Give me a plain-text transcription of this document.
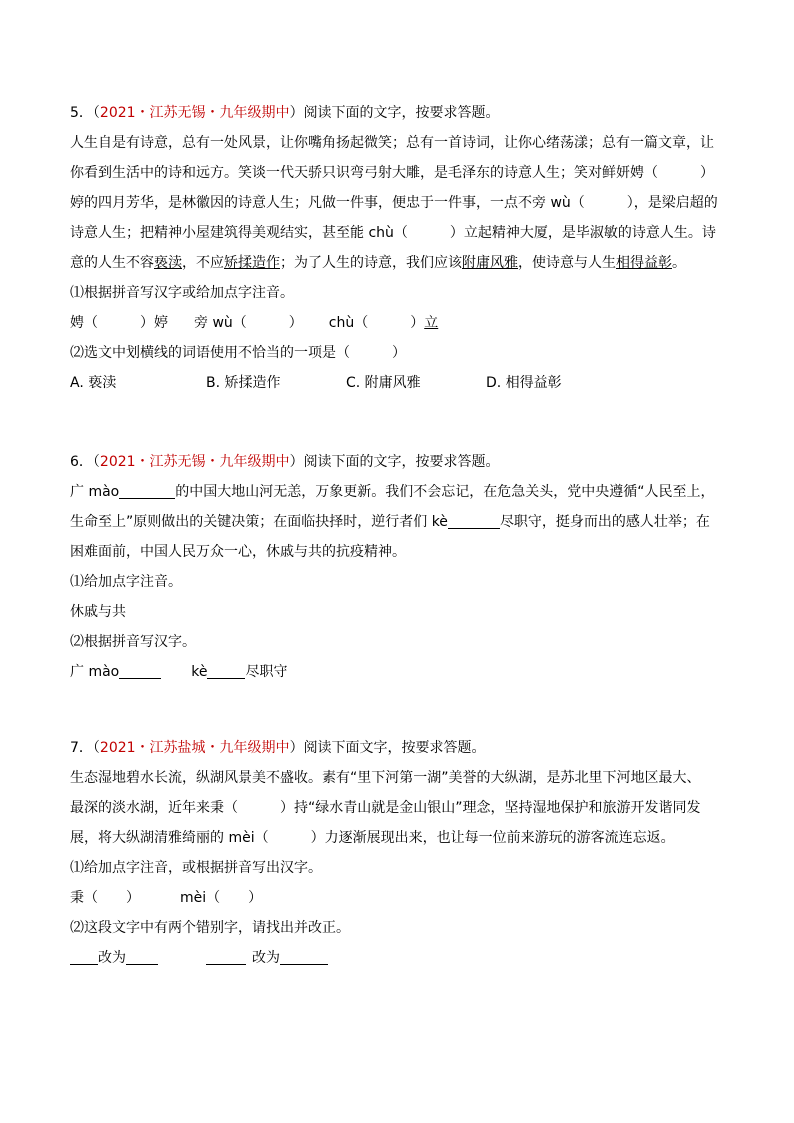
5．（2021・江苏无锡・九年级期中）阅读下面的文字，按要求答题。
人生自是有诗意，总有一处风景，让你嘴角扬起微笑；总有一首诗词，让你心绪荡漾；总有一篇文章，让
你看到生活中的诗和远方。笑谈一代天骄只识弯弓射大雕，是毛泽东的诗意人生；笑对鲜妍娉（　　　）
婷的四月芳华，是林徽因的诗意人生；凡做一件事，便忠于一件事，一点不旁 wù（　　　），是梁启超的
诗意人生；把精神小屋建筑得美观结实，甚至能 chù（　　　）立起精神大厦，是毕淑敏的诗意人生。诗
意的人生不容亵渎，不应矫揉造作；为了人生的诗意，我们应该附庸风雅，使诗意与人生相得益彰。
⑴根据拼音写汉字或给加点字注音。
娉（　　　）婷 旁 wù（　　　） chù（　　　）立
⑵选文中划横线的词语使用不恰当的一项是（　　　）
A. 亵渎	B. 矫揉造作	C. 附庸风雅	D. 相得益彰
6．（2021・江苏无锡・九年级期中）阅读下面的文字，按要求答题。
广 mào	的中国大地山河无恙，万象更新。我们不会忘记，在危急关头，党中央遵循“人民至上，
生命至上”原则做出的关键决策；在面临抉择时，逆行者们 kè	尽职守，挺身而出的感人壮举；在
困难面前，中国人民万众一心，休戚与共的抗疫精神。
⑴给加点字注音。
休戚与共
⑵根据拼音写汉字。
广 mào	kè	尽职守
7．（2021・江苏盐城・九年级期中）阅读下面文字，按要求答题。
生态湿地碧水长流，纵湖风景美不盛收。素有“里下河第一湖”美誉的大纵湖，是苏北里下河地区最大、
最深的淡水湖，近年来秉（　　　）持“绿水青山就是金山银山”理念，坚持湿地保护和旅游开发谐同发
展，将大纵湖清雅绮丽的 mèi（　　　）力逐渐展现出来，也让每一位前来游玩的游客流连忘返。
⑴给加点字注音，或根据拼音写出汉字。
秉（　　）	mèi（　　）
⑵这段文字中有两个错别字，请找出并改正。
改为	改为
